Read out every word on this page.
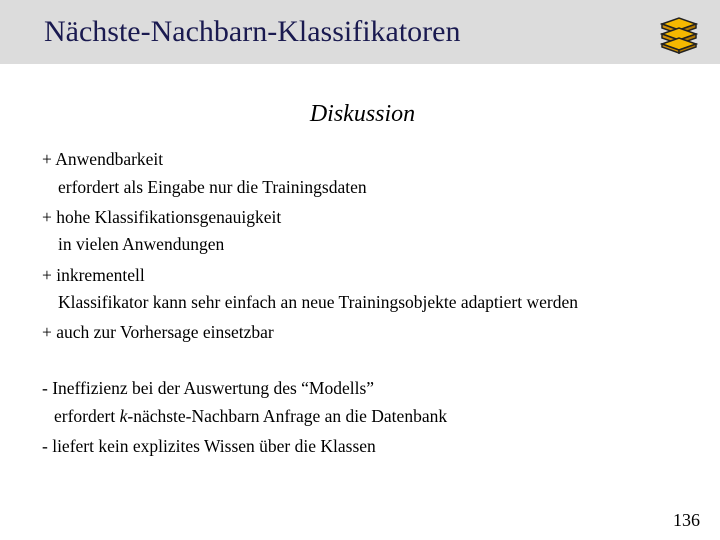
Nächste-Nachbarn-Klassifikatoren
Diskussion
+ Anwendbarkeit
erfordert als Eingabe nur die Trainingsdaten
+ hohe Klassifikationsgenauigkeit
in vielen Anwendungen
+ inkrementell
Klassifikator kann sehr einfach an neue Trainingsobjekte adaptiert werden
+ auch zur Vorhersage einsetzbar
- Ineffizienz bei der Auswertung des “Modells”
erfordert k-nächste-Nachbarn Anfrage an die Datenbank
- liefert kein explizites Wissen über die Klassen
136
